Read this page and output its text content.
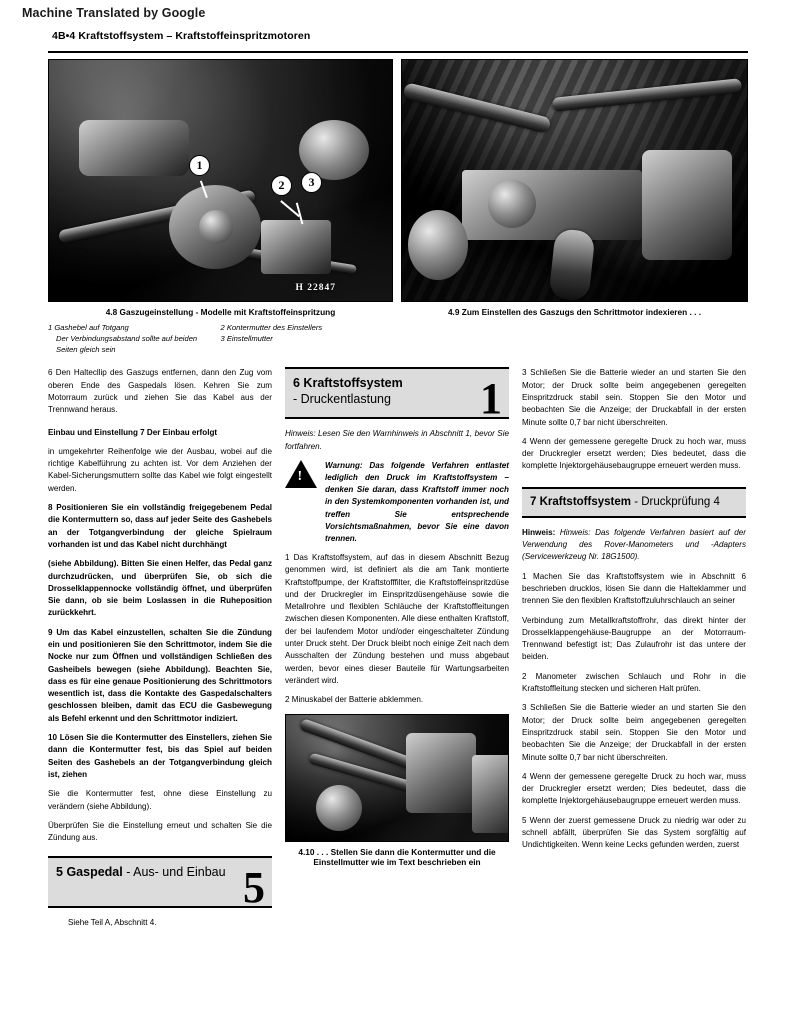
Machine Translated by Google
4B•4 Kraftstoffsystem – Kraftstoffeinspritzmotoren
1
2	3
H 22847
4.8 Gaszugeinstellung - Modelle mit Kraftstoffeinspritzung
1 Gashebel auf Totgang	2 Kontermutter des Einstellers
Der Verbindungsabstand sollte auf beiden Seiten gleich sein
3 Einstellmutter
4.9 Zum Einstellen des Gaszugs den Schrittmotor indexieren . . .

6 Den Haltecllip des Gaszugs entfernen, dann den Zug vom oberen Ende des Gaspedals lösen. Kehren Sie zum Motorraum zurück und ziehen Sie das Kabel aus der Trennwand heraus.

Einbau und Einstellung 7 Der Einbau erfolgt

in umgekehrter Reihenfolge wie der Ausbau, wobei auf die richtige Kabelführung zu achten ist. Vor dem Anziehen der Kabel-Sicherungsmuttern sollte das Kabel wie folgt eingestellt werden.

8 Positionieren Sie ein vollständig freigegebenem Pedal die Kontermuttern so, dass auf jeder Seite des Gashebels an der Totgangverbindung der gleiche Spielraum vorhanden ist und das Kabel nicht durchhängt

(siehe Abbildung). Bitten Sie einen Helfer, das Pedal ganz durchzudrücken, und überprüfen Sie, ob sich die Drosselklappennocke vollständig öffnet, und überprüfen Sie dann, ob sie beim Loslassen in die Ruheposition zurückkehrt.

9 Um das Kabel einzustellen, schalten Sie die Zündung ein und positionieren Sie den Schrittmotor, indem Sie die Nocke nur zum Öffnen und vollständigen Schließen des Gasheibels bewegen (siehe Abbildung). Beachten Sie, dass es für eine genaue Positionierung des Schrittmotors wesentlich ist, dass die Kontakte des Gaspedalschalters geschlossen bleiben, damit das ECU die Gasbewegung als Befehl erkennt und den Schrittmotor indiziert.

10 Lösen Sie die Kontermutter des Einstellers, ziehen Sie dann die Kontermutter fest, bis das Spiel auf beiden Seiten des Gashebels an der Totgangverbindung gleich ist, ziehen

Sie die Kontermutter fest, ohne diese Einstellung zu verändern (siehe Abbildung).

Überprüfen Sie die Einstellung erneut und schalten Sie die Zündung aus.

5 Gaspedal - Aus- und Einbau 5
Siehe Teil A, Abschnitt 4.
6 Kraftstoffsystem
- Druckentlastung	1

Hinweis: Lesen Sie den Warnhinweis in Abschnitt 1, bevor Sie fortfahren.

!
Warnung: Das folgende Verfahren entlastet lediglich den Druck im Kraftstoffsystem – denken Sie daran, dass Kraftstoff immer noch in den Systemkomponenten vorhanden ist, und treffen Sie entsprechende Vorsichtsmaßnahmen, bevor Sie eine davon trennen.

1 Das Kraftstoffsystem, auf das in diesem Abschnitt Bezug genommen wird, ist definiert als die am Tank montierte Kraftstoffpumpe, der Kraftstofffilter, die Kraftstoffeinspritzdüse und der Druckregler im Einspritzdüsengehäuse sowie die Metallrohre und flexiblen Schläuche der Kraftstoffleitungen zwischen diesen Komponenten. Alle diese enthalten Kraftstoff, der bei laufendem Motor und/oder eingeschalteter Zündung unter Druck steht. Der Druck bleibt noch einige Zeit nach dem Ausschalten der Zündung bestehen und muss abgebaut werden, bevor eines dieser Bauteile für Wartungsarbeiten verändert wird.

2 Minuskabel der Batterie abklemmen.

4.10 . . . Stellen Sie dann die Kontermutter und die Einstellmutter wie im Text beschrieben ein

3 Schließen Sie die Batterie wieder an und starten Sie den Motor; der Druck sollte beim angegebenen geregelten Einspritzdruck stabil sein. Stoppen Sie den Motor und beobachten Sie die Anzeige; der Druckabfall in der ersten Minute sollte 0,7 bar nicht überschreiten.

4 Wenn der gemessene geregelte Druck zu hoch war, muss der Druckregler ersetzt werden; Dies bedeutet, dass die komplette Injektorgehäusebaugruppe erneuert werden muss.

7 Kraftstoffsystem - Druckprüfung 4

Hinweis: Hinweis: Das folgende Verfahren basiert auf der Verwendung des Rover-Manometers und -Adapters (Servicewerkzeug Nr. 18G1500).

1 Machen Sie das Kraftstoffsystem wie in Abschnitt 6 beschrieben drucklos, lösen Sie dann die Halteklammer und trennen Sie den flexiblen Kraftstoffzuluhrschlauch an seiner

Verbindung zum Metallkraftstoffrohr, das direkt hinter der Drosselklappengehäuse-Baugruppe an der Motorraum-Trennwand befestigt ist; Das Zulaufrohr ist das untere der beiden.

2 Manometer zwischen Schlauch und Rohr in die Kraftstoffleitung stecken und sicheren Halt prüfen.

3 Schließen Sie die Batterie wieder an und starten Sie den Motor; der Druck sollte beim angegebenen geregelten Einspritzdruck stabil sein. Stoppen Sie den Motor und beobachten Sie die Anzeige; der Druckabfall in der ersten Minute sollte 0,7 bar nicht überschreiten.

4 Wenn der gemessene geregelte Druck zu hoch war, muss der Druckregler ersetzt werden; Dies bedeutet, dass die komplette Injektorgehäusebaugruppe erneuert werden muss.

5 Wenn der zuerst gemessene Druck zu niedrig war oder zu schnell abfällt, überprüfen Sie das System sorgfältig auf Undichtigkeiten. Wenn keine Lecks gefunden werden, zuerst
